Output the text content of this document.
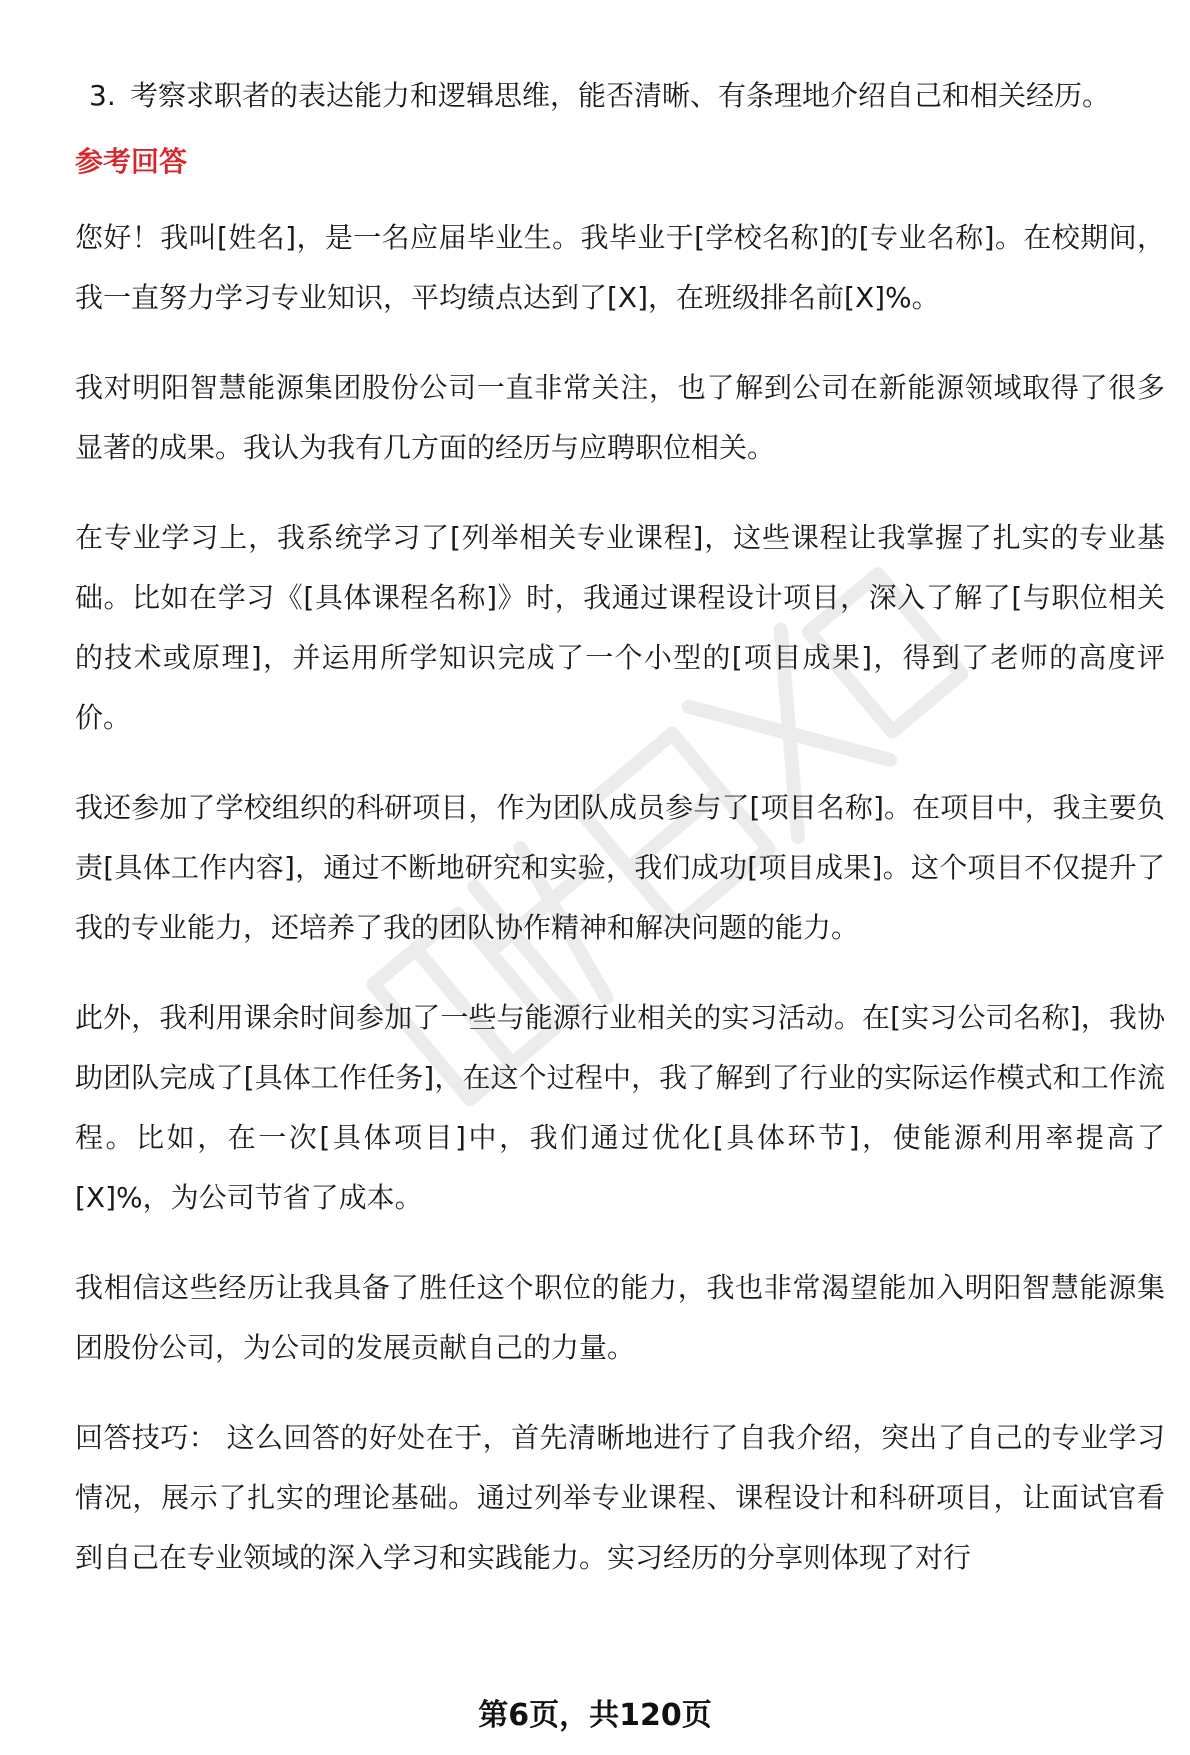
3. 考察求职者的表达能力和逻辑思维，能否清晰、有条理地介绍自己和相关经历。
参考回答

您好！我叫[姓名]，是一名应届毕业生。我毕业于[学校名称]的[专业名称]。在校期间，我一直努力学习专业知识，平均绩点达到了[X]，在班级排名前[X]%。

我对明阳智慧能源集团股份公司一直非常关注，也了解到公司在新能源领域取得了很多显著的成果。我认为我有几方面的经历与应聘职位相关。

在专业学习上，我系统学习了[列举相关专业课程]，这些课程让我掌握了扎实的专业基础。比如在学习《[具体课程名称]》时，我通过课程设计项目，深入了解了[与职位相关的技术或原理]，并运用所学知识完成了一个小型的[项目成果]，得到了老师的高度评价。

我还参加了学校组织的科研项目，作为团队成员参与了[项目名称]。在项目中，我主要负责[具体工作内容]，通过不断地研究和实验，我们成功[项目成果]。这个项目不仅提升了我的专业能力，还培养了我的团队协作精神和解决问题的能力。

此外，我利用课余时间参加了一些与能源行业相关的实习活动。在[实习公司名称]，我协助团队完成了[具体工作任务]，在这个过程中，我了解到了行业的实际运作模式和工作流程。比如，在一次[具体项目]中，我们通过优化[具体环节]，使能源利用率提高了[X]%，为公司节省了成本。

我相信这些经历让我具备了胜任这个职位的能力，我也非常渴望能加入明阳智慧能源集团股份公司，为公司的发展贡献自己的力量。

回答技巧： 这么回答的好处在于，首先清晰地进行了自我介绍，突出了自己的专业学习情况，展示了扎实的理论基础。通过列举专业课程、课程设计和科研项目，让面试官看到自己在专业领域的深入学习和实践能力。实习经历的分享则体现了对行

第6页，共120页
